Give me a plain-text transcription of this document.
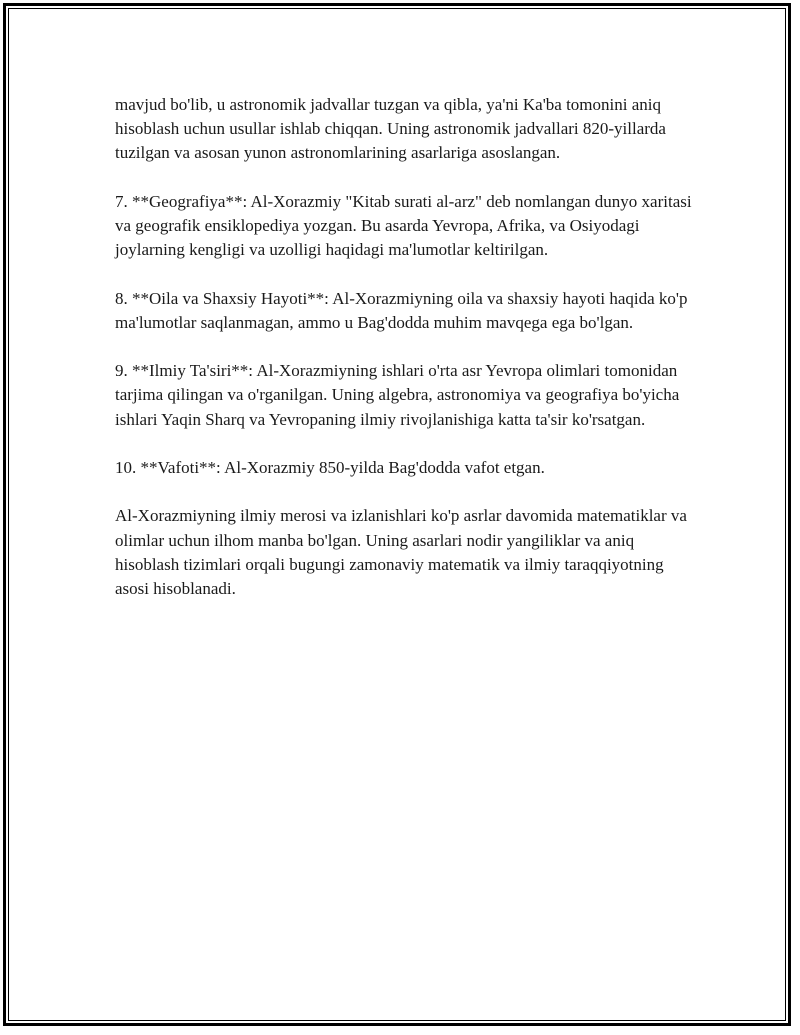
mavjud bo'lib, u astronomik jadvallar tuzgan va qibla, ya'ni Ka'ba tomonini aniq hisoblash uchun usullar ishlab chiqqan. Uning astronomik jadvallari 820-yillarda tuzilgan va asosan yunon astronomlarining asarlariga asoslangan.

7. **Geografiya**: Al-Xorazmiy "Kitab surati al-arz" deb nomlangan dunyo xaritasi va geografik ensiklopediya yozgan. Bu asarda Yevropa, Afrika, va Osiyodagi joylarning kengligi va uzolligi haqidagi ma'lumotlar keltirilgan.

8. **Oila va Shaxsiy Hayoti**: Al-Xorazmiyning oila va shaxsiy hayoti haqida ko'p ma'lumotlar saqlanmagan, ammo u Bag'dodda muhim mavqega ega bo'lgan.

9. **Ilmiy Ta'siri**: Al-Xorazmiyning ishlari o'rta asr Yevropa olimlari tomonidan tarjima qilingan va o'rganilgan. Uning algebra, astronomiya va geografiya bo'yicha ishlari Yaqin Sharq va Yevropaning ilmiy rivojlanishiga katta ta'sir ko'rsatgan.

10. **Vafoti**: Al-Xorazmiy 850-yilda Bag'dodda vafot etgan.

Al-Xorazmiyning ilmiy merosi va izlanishlari ko'p asrlar davomida matematiklar va olimlar uchun ilhom manba bo'lgan. Uning asarlari nodir yangiliklar va aniq hisoblash tizimlari orqali bugungi zamonaviy matematik va ilmiy taraqqiyotning asosi hisoblanadi.
